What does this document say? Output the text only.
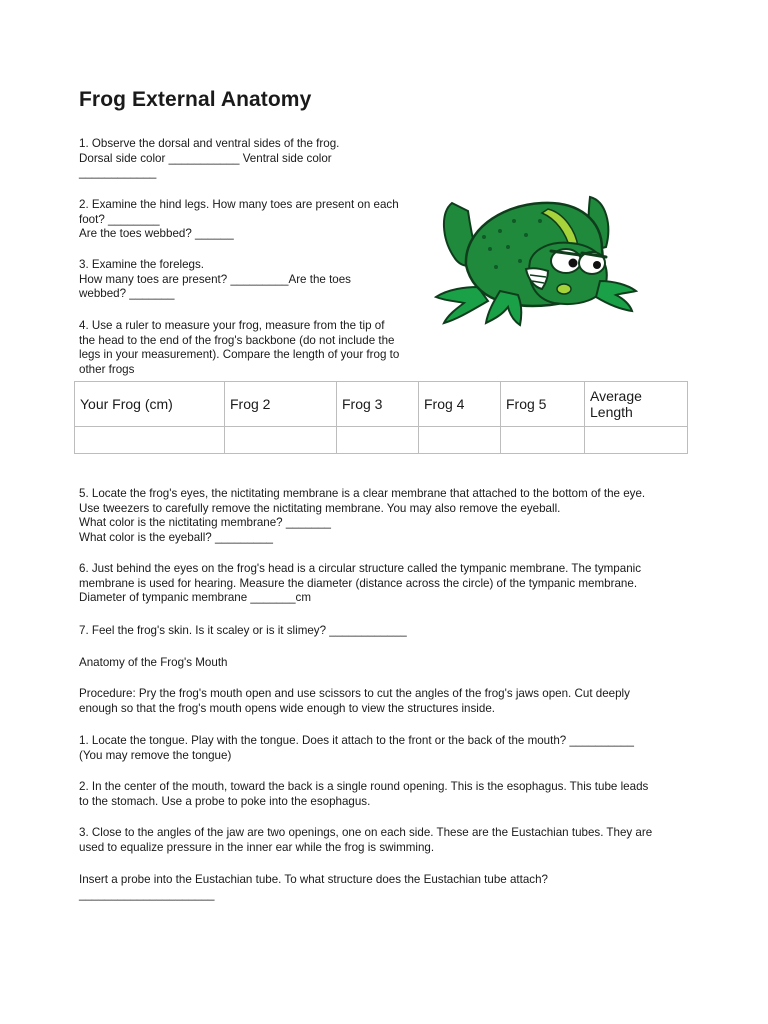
Frog External Anatomy

1. Observe the dorsal and ventral sides of the frog.
Dorsal side color ___________ Ventral side color
____________

2. Examine the hind legs. How many toes are present on each
foot? ________
Are the toes webbed? ______

3. Examine the forelegs.
How many toes are present? _________Are the toes
webbed? _______

4. Use a ruler to measure your frog, measure from the tip of
the head to the end of the frog's backbone (do not include the
legs in your measurement). Compare the length of your frog to
other frogs

Your Frog (cm)	Frog 2	Frog 3	Frog 4	Frog 5	Average Length

5. Locate the frog's eyes, the nictitating membrane is a clear membrane that attached to the bottom of the eye.
Use tweezers to carefully remove the nictitating membrane. You may also remove the eyeball.
What color is the nictitating membrane? _______
What color is the eyeball? _________

6. Just behind the eyes on the frog's head is a circular structure called the tympanic membrane. The tympanic
membrane is used for hearing. Measure the diameter (distance across the circle) of the tympanic membrane.
Diameter of tympanic membrane _______cm

7. Feel the frog's skin. Is it scaley or is it slimey? ____________

Anatomy of the Frog's Mouth

Procedure: Pry the frog's mouth open and use scissors to cut the angles of the frog's jaws open. Cut deeply
enough so that the frog's mouth opens wide enough to view the structures inside.

1. Locate the tongue. Play with the tongue. Does it attach to the front or the back of the mouth? __________
(You may remove the tongue)

2. In the center of the mouth, toward the back is a single round opening. This is the esophagus. This tube leads
to the stomach. Use a probe to poke into the esophagus.

3. Close to the angles of the jaw are two openings, one on each side. These are the Eustachian tubes. They are
used to equalize pressure in the inner ear while the frog is swimming.

Insert a probe into the Eustachian tube. To what structure does the Eustachian tube attach?
_____________________
